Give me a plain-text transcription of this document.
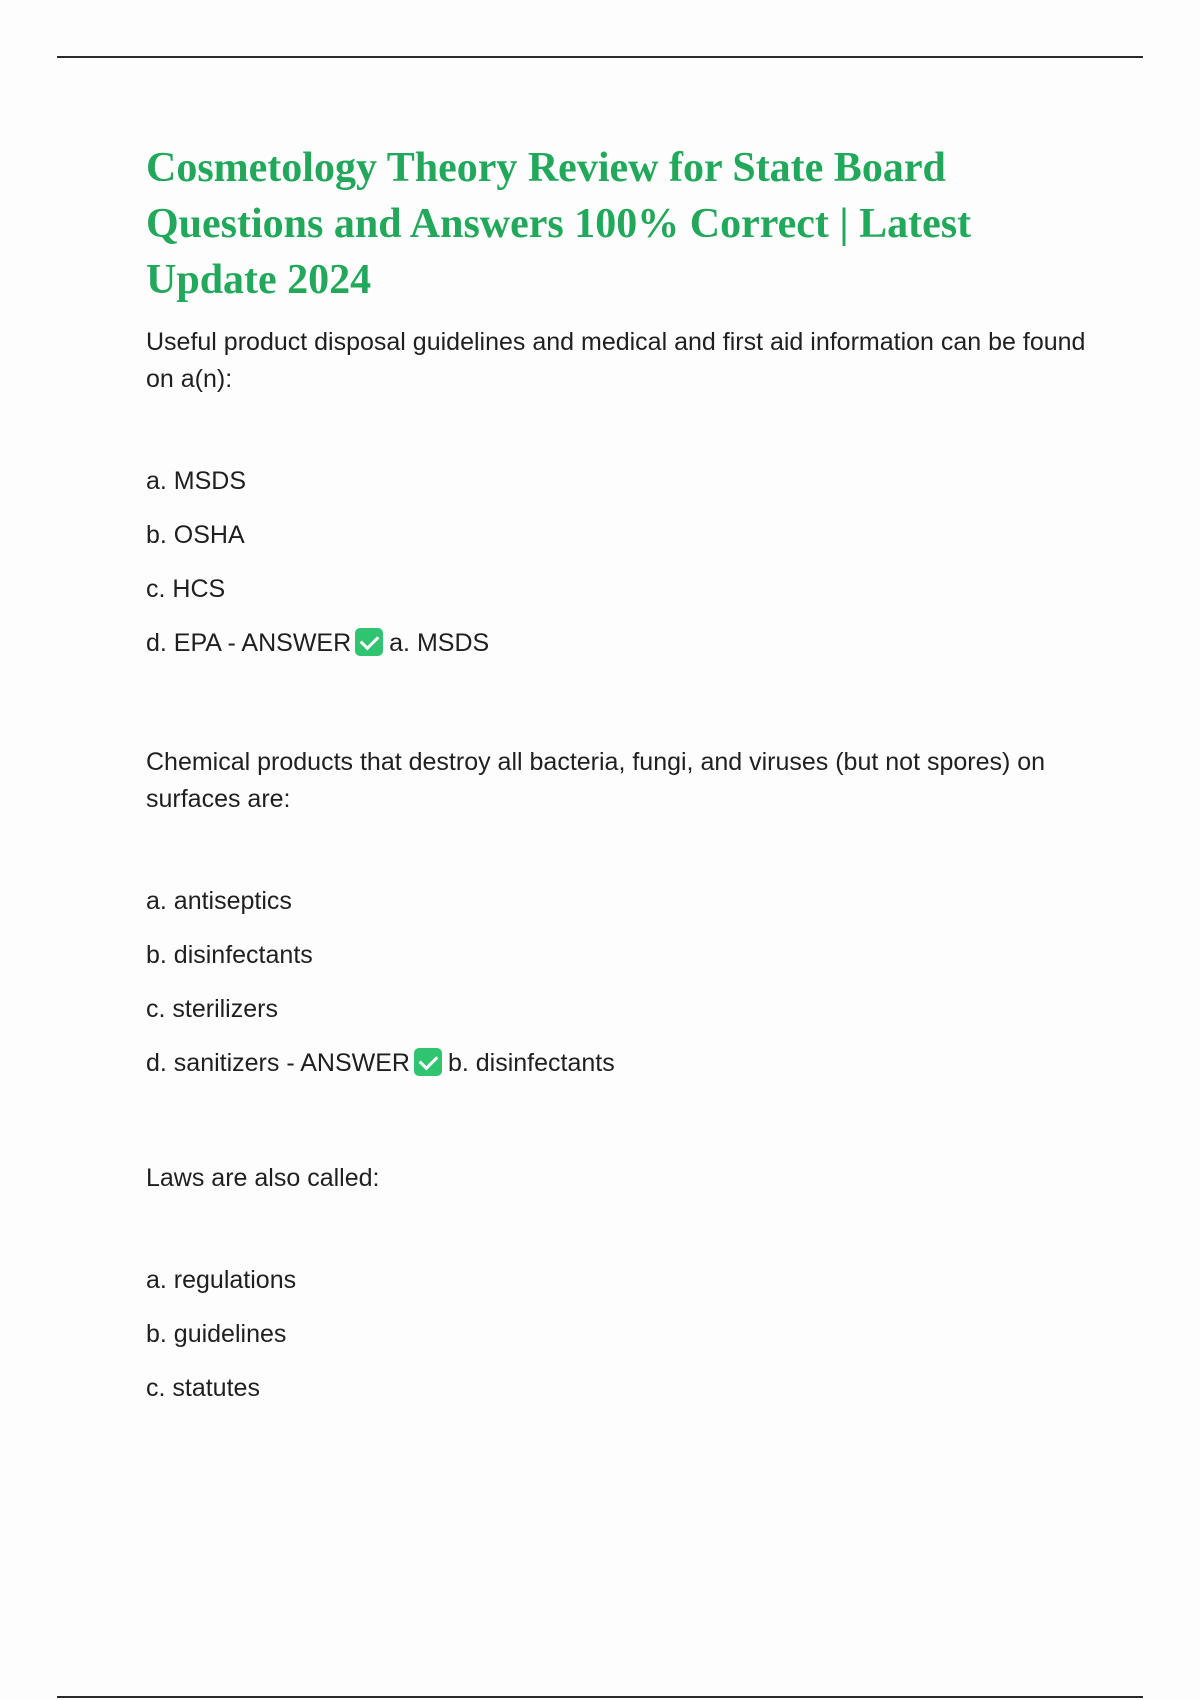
Cosmetology Theory Review for State Board Questions and Answers 100% Correct | Latest Update 2024

Useful product disposal guidelines and medical and first aid information can be found on a(n):

a. MSDS
b. OSHA
c. HCS
d. EPA - ANSWER a. MSDS

Chemical products that destroy all bacteria, fungi, and viruses (but not spores) on surfaces are:

a. antiseptics
b. disinfectants
c. sterilizers
d. sanitizers - ANSWER b. disinfectants

Laws are also called:

a. regulations
b. guidelines
c. statutes
